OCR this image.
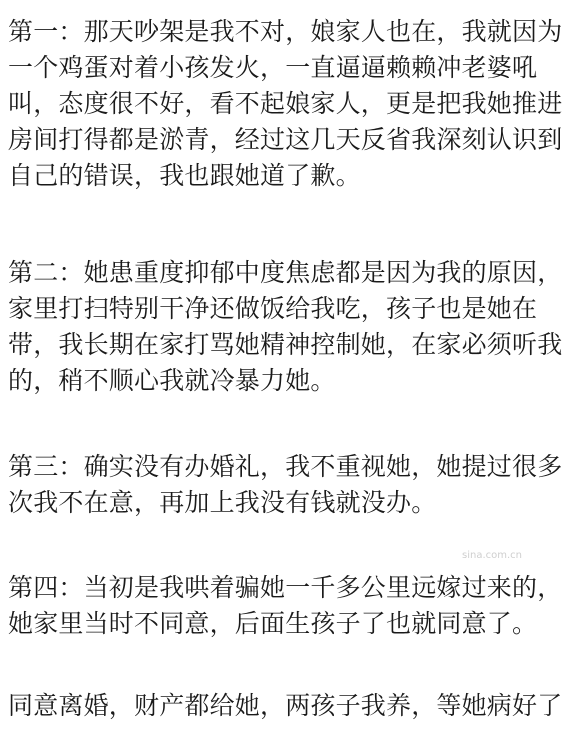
第一：那天吵架是我不对，娘家人也在，我就因为
一个鸡蛋对着小孩发火，一直逼逼赖赖冲老婆吼
叫，态度很不好，看不起娘家人，更是把我她推进
房间打得都是淤青，经过这几天反省我深刻认识到
自己的错误，我也跟她道了歉。
第二：她患重度抑郁中度焦虑都是因为我的原因，
家里打扫特别干净还做饭给我吃，孩子也是她在
带，我长期在家打骂她精神控制她，在家必须听我
的，稍不顺心我就冷暴力她。
第三：确实没有办婚礼，我不重视她，她提过很多
次我不在意，再加上我没有钱就没办。
sina.com.cn
第四：当初是我哄着骗她一千多公里远嫁过来的，
她家里当时不同意，后面生孩子了也就同意了。
同意离婚，财产都给她，两孩子我养，等她病好了
